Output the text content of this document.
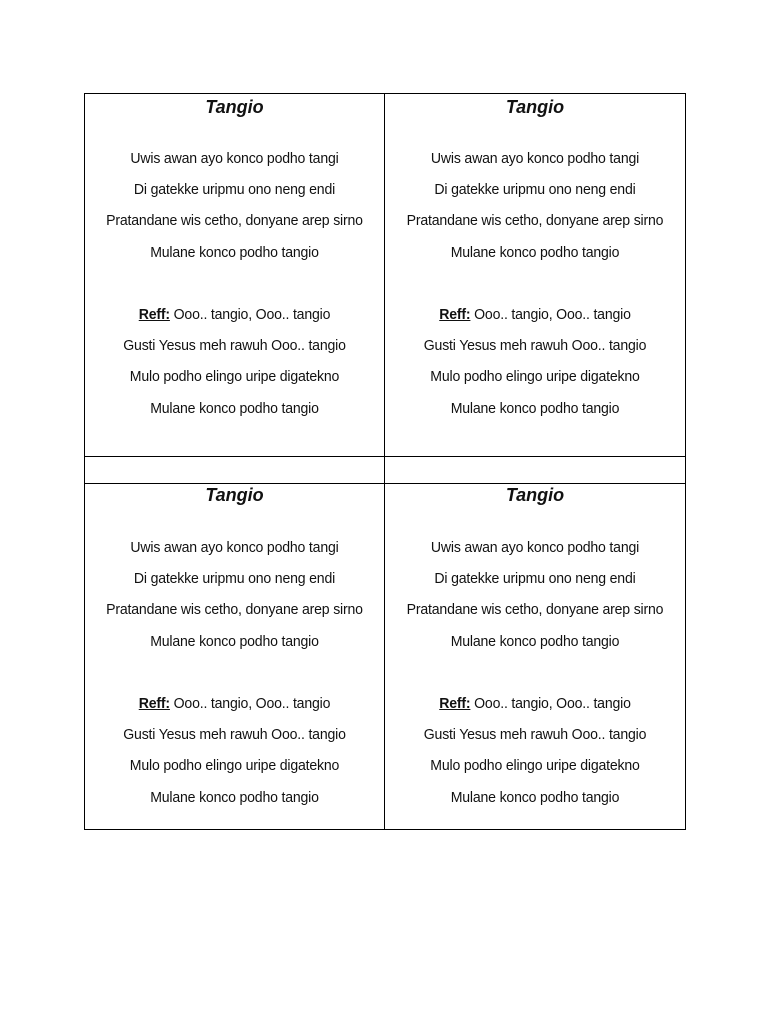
Tangio
Uwis awan ayo konco podho tangi
Di gatekke uripmu ono neng endi
Pratandane wis cetho, donyane arep sirno
Mulane konco podho tangio
Reff: Ooo.. tangio, Ooo.. tangio
Gusti Yesus meh rawuh Ooo.. tangio
Mulo podho elingo uripe digatekno
Mulane konco podho tangio
Tangio
Uwis awan ayo konco podho tangi
Di gatekke uripmu ono neng endi
Pratandane wis cetho, donyane arep sirno
Mulane konco podho tangio
Reff: Ooo.. tangio, Ooo.. tangio
Gusti Yesus meh rawuh Ooo.. tangio
Mulo podho elingo uripe digatekno
Mulane konco podho tangio
Tangio
Uwis awan ayo konco podho tangi
Di gatekke uripmu ono neng endi
Pratandane wis cetho, donyane arep sirno
Mulane konco podho tangio
Reff: Ooo.. tangio, Ooo.. tangio
Gusti Yesus meh rawuh Ooo.. tangio
Mulo podho elingo uripe digatekno
Mulane konco podho tangio
Tangio
Uwis awan ayo konco podho tangi
Di gatekke uripmu ono neng endi
Pratandane wis cetho, donyane arep sirno
Mulane konco podho tangio
Reff: Ooo.. tangio, Ooo.. tangio
Gusti Yesus meh rawuh Ooo.. tangio
Mulo podho elingo uripe digatekno
Mulane konco podho tangio
